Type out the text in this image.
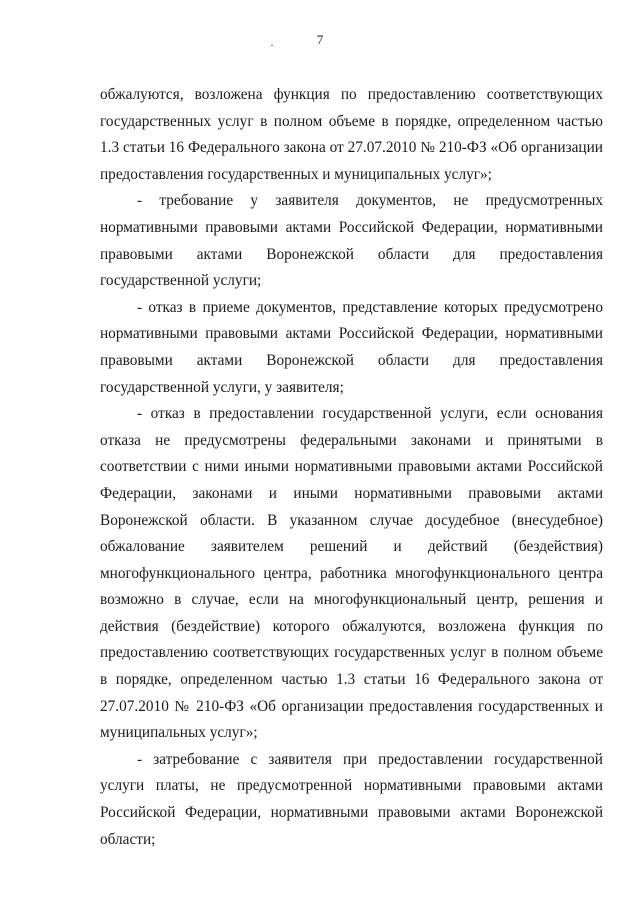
7

обжалуются, возложена функция по предоставлению соответствующих государственных услуг в полном объеме в порядке, определенном частью 1.3 статьи 16 Федерального закона от 27.07.2010 № 210-ФЗ «Об организации предоставления государственных и муниципальных услуг»;

- требование у заявителя документов, не предусмотренных нормативными правовыми актами Российской Федерации, нормативными правовыми актами Воронежской области для предоставления государственной услуги;

- отказ в приеме документов, представление которых предусмотрено нормативными правовыми актами Российской Федерации, нормативными правовыми актами Воронежской области для предоставления государственной услуги, у заявителя;

- отказ в предоставлении государственной услуги, если основания отказа не предусмотрены федеральными законами и принятыми в соответствии с ними иными нормативными правовыми актами Российской Федерации, законами и иными нормативными правовыми актами Воронежской области. В указанном случае досудебное (внесудебное) обжалование заявителем решений и действий (бездействия) многофункционального центра, работника многофункционального центра возможно в случае, если на многофункциональный центр, решения и действия (бездействие) которого обжалуются, возложена функция по предоставлению соответствующих государственных услуг в полном объеме в порядке, определенном частью 1.3 статьи 16 Федерального закона от 27.07.2010 № 210-ФЗ «Об организации предоставления государственных и муниципальных услуг»;

- затребование с заявителя при предоставлении государственной услуги платы, не предусмотренной нормативными правовыми актами Российской Федерации, нормативными правовыми актами Воронежской области;
